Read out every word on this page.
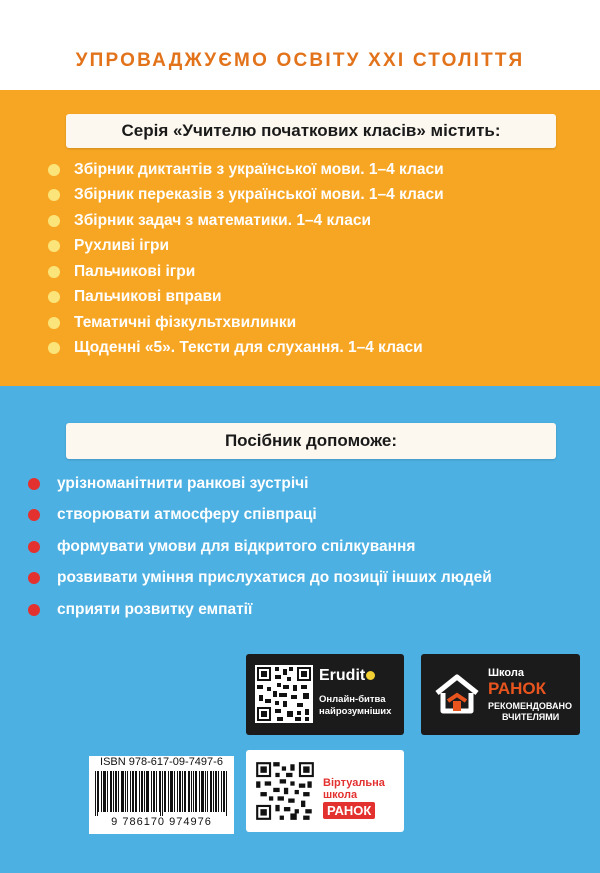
УПРОВАДЖУЄМО ОСВІТУ XXI СТОЛІТТЯ
Серія «Учителю початкових класів» містить:
Збірник диктантів з української мови. 1–4 класи
Збірник переказів з української мови. 1–4 класи
Збірник задач з математики. 1–4 класи
Рухливі ігри
Пальчикові ігри
Пальчикові вправи
Тематичні фізкультхвилинки
Щоденні «5». Тексти для слухання. 1–4 класи
Посібник допоможе:
урізноманітнити ранкові зустрічі
створювати атмосферу співпраці
формувати умови для відкритого спілкування
розвивати уміння прислухатися до позиції інших людей
сприяти розвитку емпатії
Erudit
Онлайн-битва
найрозумніших
Школа
РАНОК
РЕКОМЕНДОВАНО
ВЧИТЕЛЯМИ
ISBN 978-617-09-7497-6
9 786170 974976
Віртуальна
школа
РАНОК
